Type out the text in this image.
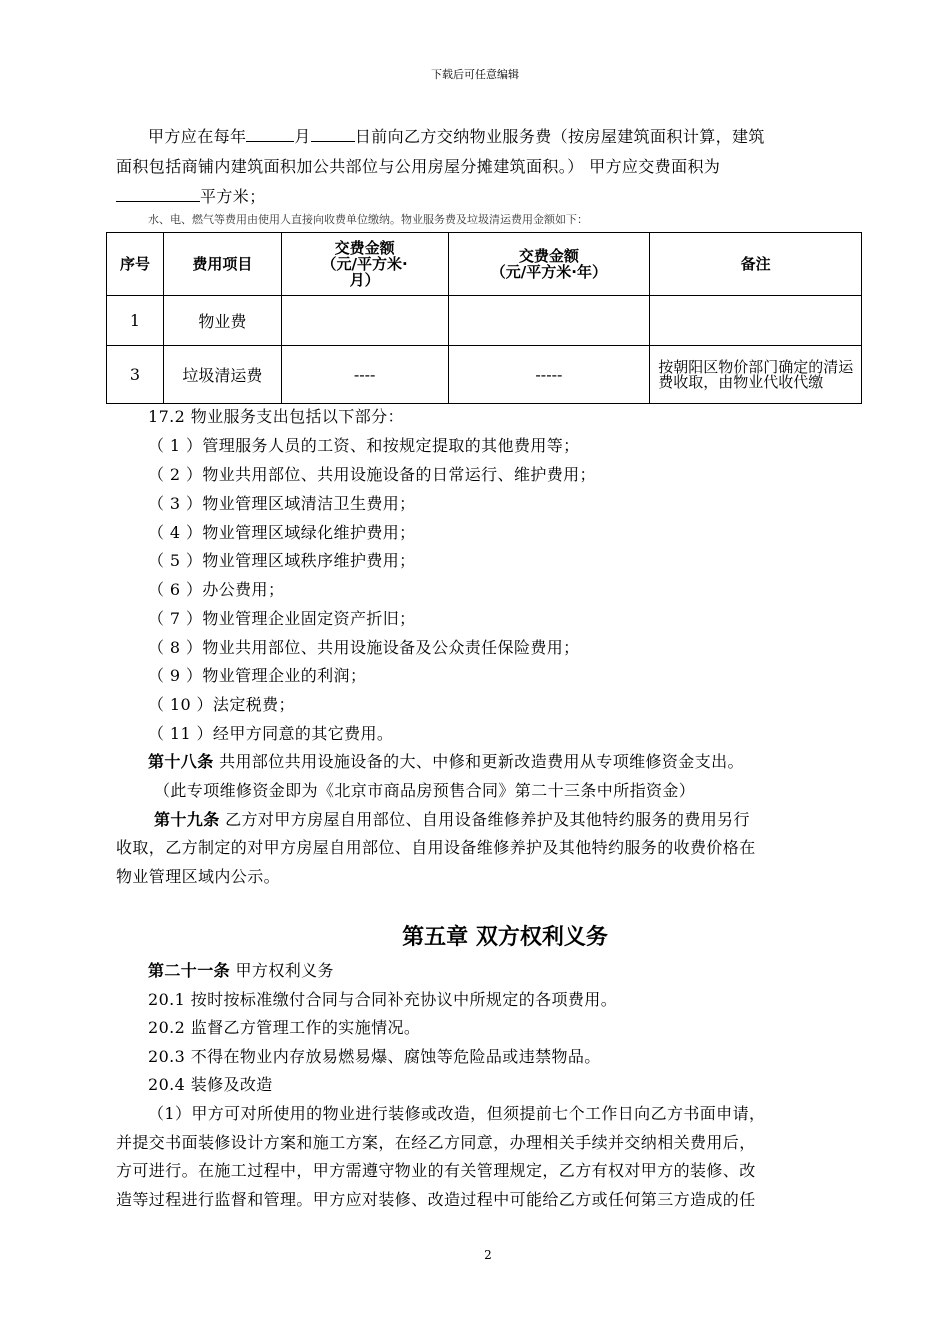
下载后可任意编辑
甲方应在每年	月	日前向乙方交纳物业服务费（按房屋建筑面积计算，建筑
面积包括商铺内建筑面积加公共部位与公用房屋分摊建筑面积。） 甲方应交费面积为
平方米；
水、电、燃气等费用由使用人直接向收费单位缴纳。物业服务费及垃圾清运费用金额如下：
序号	费用项目	交费金额
（元/平方米·
月）	交费金额
（元/平方米·年）	备注
1	物业费			
3	垃圾清运费	----	-----	按朝阳区物价部门确定的清运费收取，由物业代收代缴
17.2 物业服务支出包括以下部分：
（ 1 ）管理服务人员的工资、和按规定提取的其他费用等；
（ 2 ）物业共用部位、共用设施设备的日常运行、维护费用；
（ 3 ）物业管理区域清洁卫生费用；
（ 4 ）物业管理区域绿化维护费用；
（ 5 ）物业管理区域秩序维护费用；
（ 6 ）办公费用；
（ 7 ）物业管理企业固定资产折旧；
（ 8 ）物业共用部位、共用设施设备及公众责任保险费用；
（ 9 ）物业管理企业的利润；
（ 10 ）法定税费；
（ 11 ）经甲方同意的其它费用。
第十八条 共用部位共用设施设备的大、中修和更新改造费用从专项维修资金支出。
（此专项维修资金即为《北京市商品房预售合同》第二十三条中所指资金）
第十九条 乙方对甲方房屋自用部位、自用设备维修养护及其他特约服务的费用另行
收取，乙方制定的对甲方房屋自用部位、自用设备维修养护及其他特约服务的收费价格在
物业管理区域内公示。
第五章 双方权利义务
第二十一条 甲方权利义务
20.1 按时按标准缴付合同与合同补充协议中所规定的各项费用。
20.2 监督乙方管理工作的实施情况。
20.3 不得在物业内存放易燃易爆、腐蚀等危险品或违禁物品。
20.4 装修及改造
（1）甲方可对所使用的物业进行装修或改造，但须提前七个工作日向乙方书面申请，
并提交书面装修设计方案和施工方案，在经乙方同意，办理相关手续并交纳相关费用后，
方可进行。在施工过程中，甲方需遵守物业的有关管理规定，乙方有权对甲方的装修、改
造等过程进行监督和管理。甲方应对装修、改造过程中可能给乙方或任何第三方造成的任
2
